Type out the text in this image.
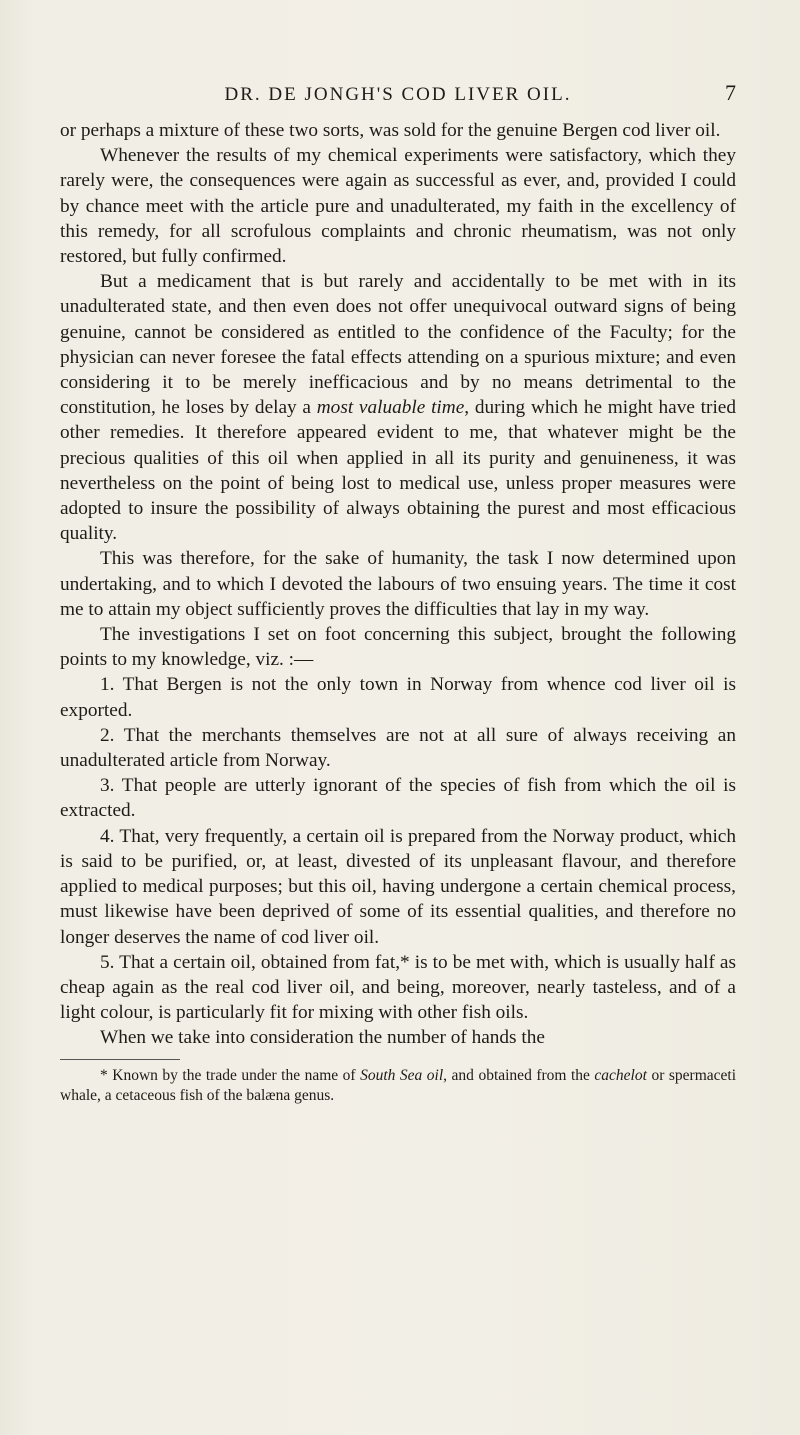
DR. DE JONGH'S COD LIVER OIL.	7

or perhaps a mixture of these two sorts, was sold for the genuine Bergen cod liver oil.

Whenever the results of my chemical experiments were satisfactory, which they rarely were, the consequences were again as successful as ever, and, provided I could by chance meet with the article pure and unadulterated, my faith in the excellency of this remedy, for all scrofulous complaints and chronic rheumatism, was not only restored, but fully confirmed.

But a medicament that is but rarely and accidentally to be met with in its unadulterated state, and then even does not offer unequivocal outward signs of being genuine, cannot be considered as entitled to the confidence of the Faculty; for the physician can never foresee the fatal effects attending on a spurious mixture; and even considering it to be merely inefficacious and by no means detrimental to the constitution, he loses by delay a most valuable time, during which he might have tried other remedies. It therefore appeared evident to me, that whatever might be the precious qualities of this oil when applied in all its purity and genuineness, it was nevertheless on the point of being lost to medical use, unless proper measures were adopted to insure the possibility of always obtaining the purest and most efficacious quality.

This was therefore, for the sake of humanity, the task I now determined upon undertaking, and to which I devoted the labours of two ensuing years. The time it cost me to attain my object sufficiently proves the difficulties that lay in my way.

The investigations I set on foot concerning this subject, brought the following points to my knowledge, viz. :—

1. That Bergen is not the only town in Norway from whence cod liver oil is exported.

2. That the merchants themselves are not at all sure of always receiving an unadulterated article from Norway.

3. That people are utterly ignorant of the species of fish from which the oil is extracted.

4. That, very frequently, a certain oil is prepared from the Norway product, which is said to be purified, or, at least, divested of its unpleasant flavour, and therefore applied to medical purposes; but this oil, having undergone a certain chemical process, must likewise have been deprived of some of its essential qualities, and therefore no longer deserves the name of cod liver oil.

5. That a certain oil, obtained from fat,* is to be met with, which is usually half as cheap again as the real cod liver oil, and being, moreover, nearly tasteless, and of a light colour, is particularly fit for mixing with other fish oils.

When we take into consideration the number of hands the

* Known by the trade under the name of South Sea oil, and obtained from the cachelot or spermaceti whale, a cetaceous fish of the balæna genus.
